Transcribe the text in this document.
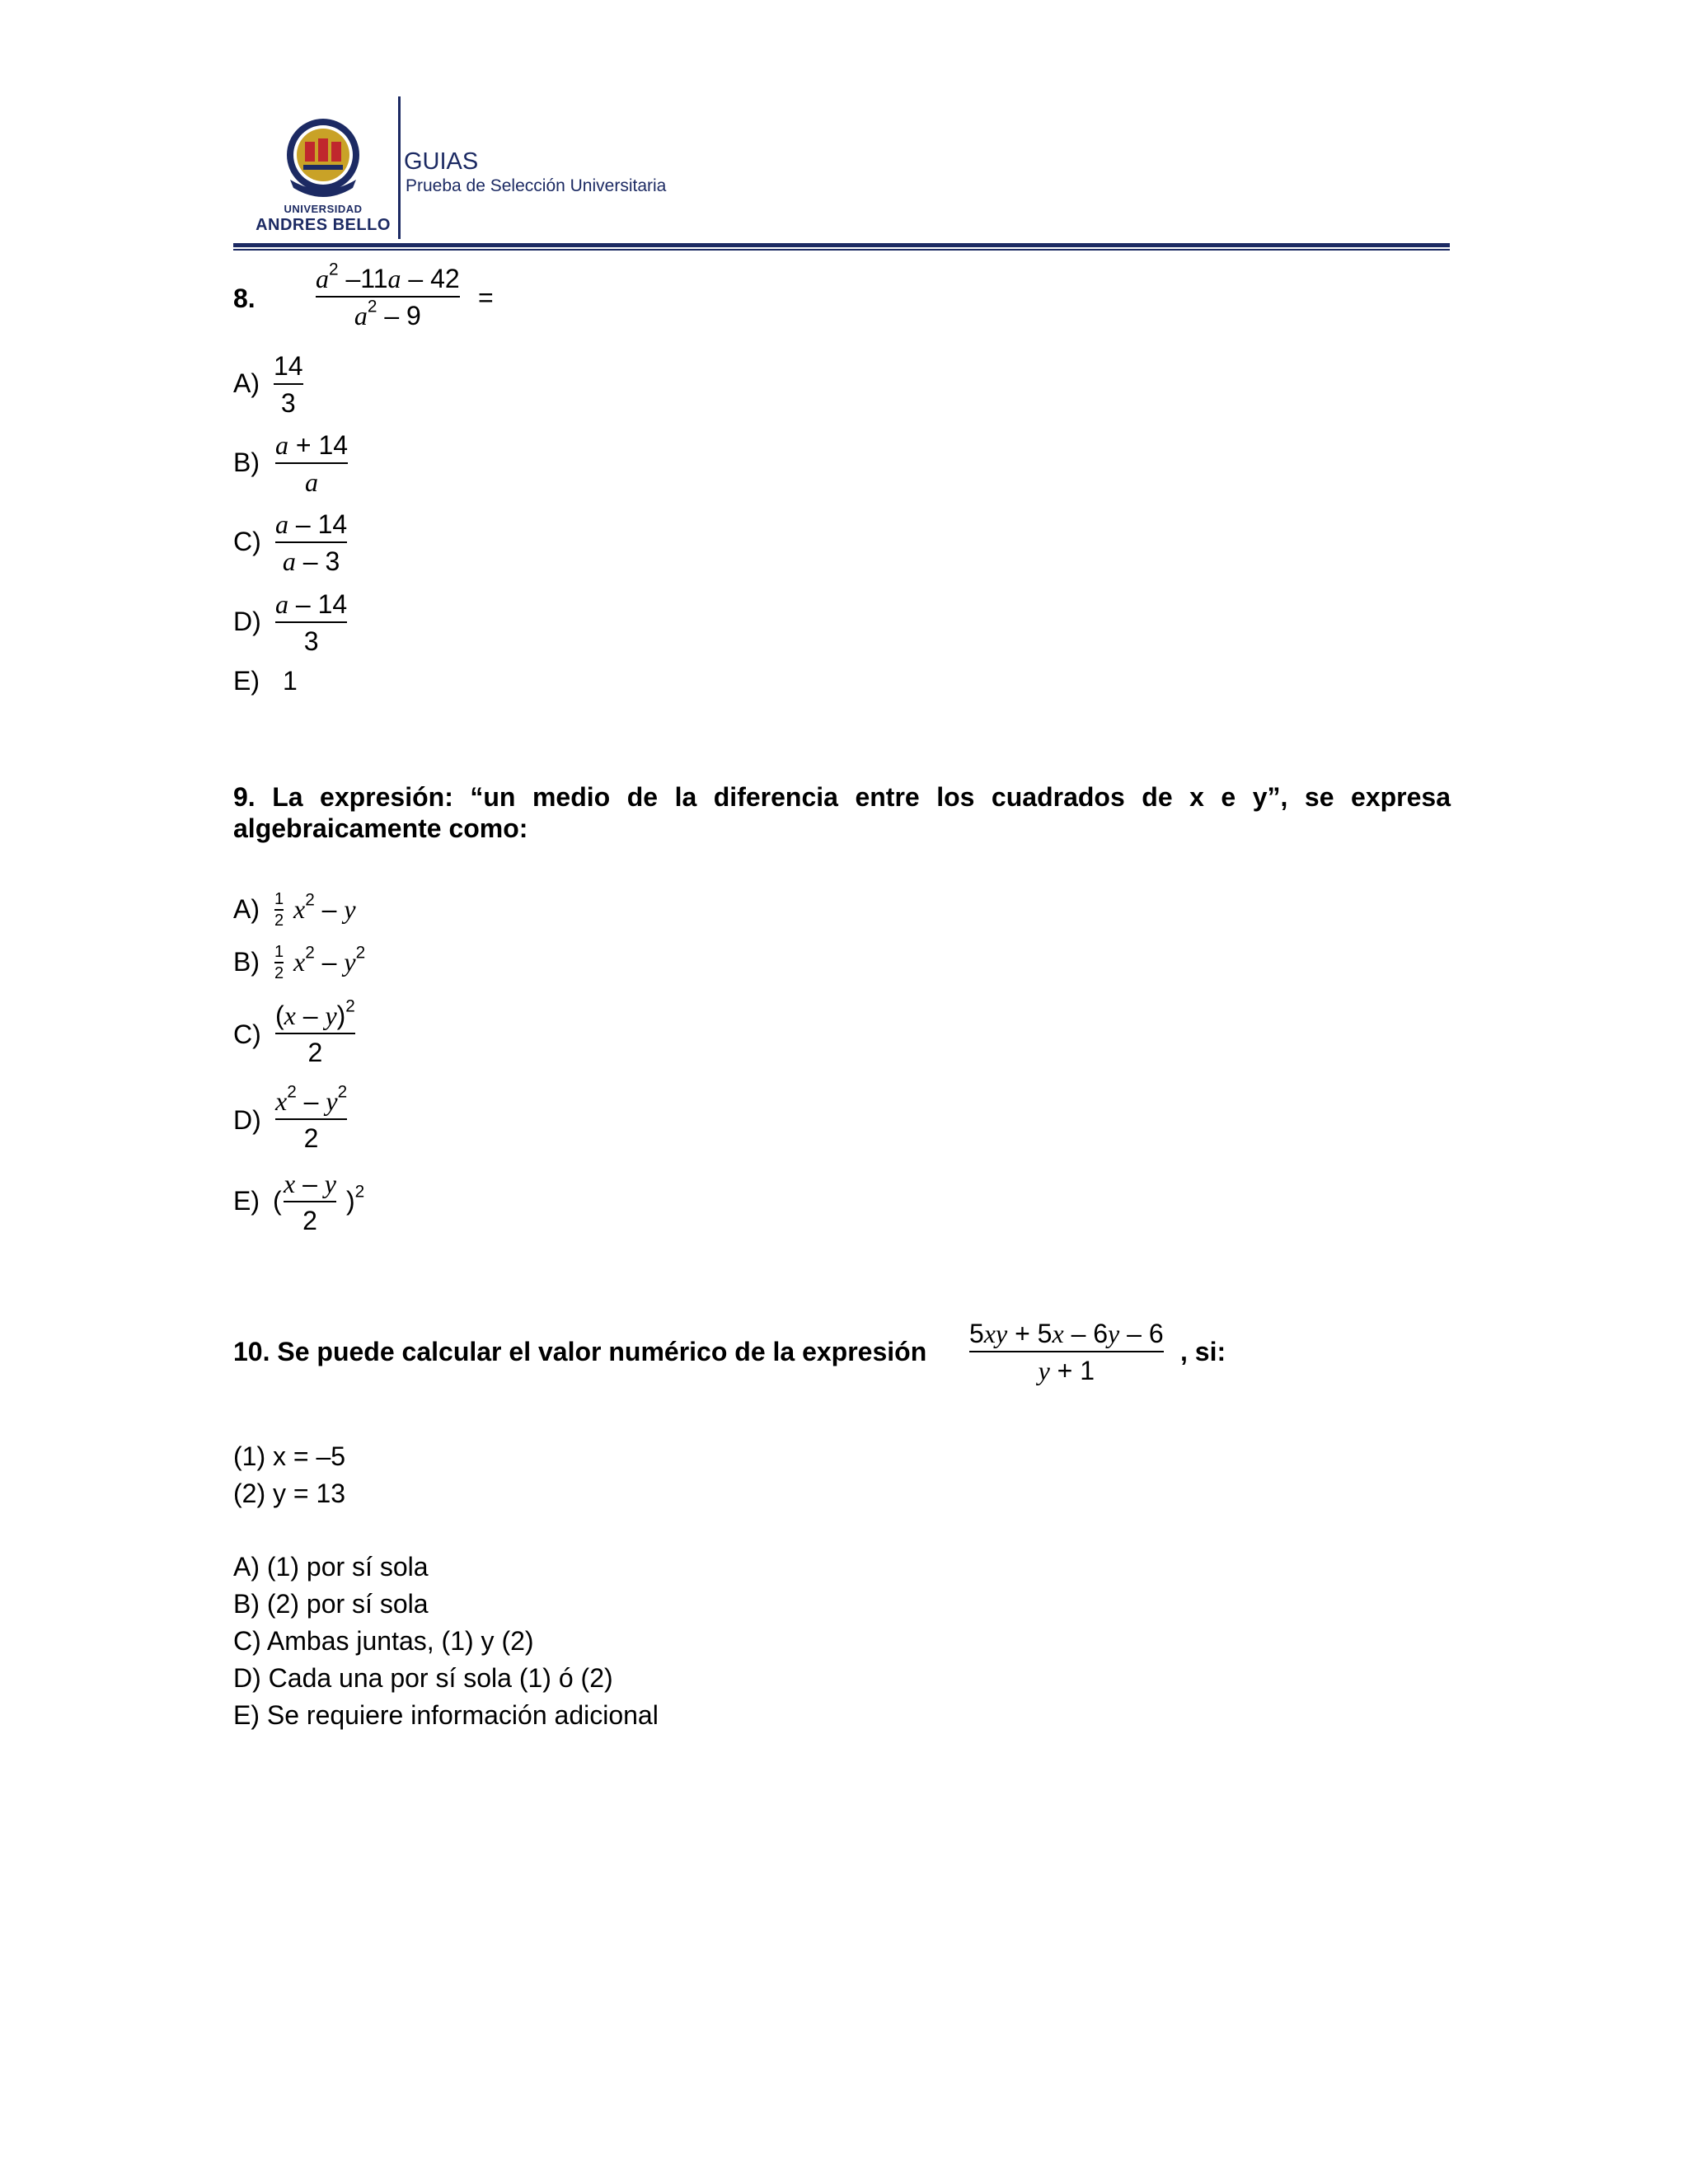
UNIVERSIDAD
ANDRES BELLO
GUIAS
Prueba de Selección Universitaria
8.
$a^2$ –11a – 42
$a^2 - 9$
=
A)
14
3
B)
a + 14
a
C)
a – 14
a – 3
D)
a – 14
3
E) 1
9. La expresión: “un medio de la diferencia entre los cuadrados de x e y”, se expresa algebraicamente como:
A) 1
2 $x^2$ – y
B) 1
2 $x^2 - y^2$
C)
(x – y)$^2$
2
D)
$x^2 - y^2$
2
E) (
x – y
2
)$^2$
10. Se puede calcular el valor numérico de la expresión
5xy + 5x – 6y – 6
y + 1
, si:
(1) x = –5
(2) y = 13
A) (1) por sí sola
B) (2) por sí sola
C) Ambas juntas, (1) y (2)
D) Cada una por sí sola (1) ó (2)
E) Se requiere información adicional
